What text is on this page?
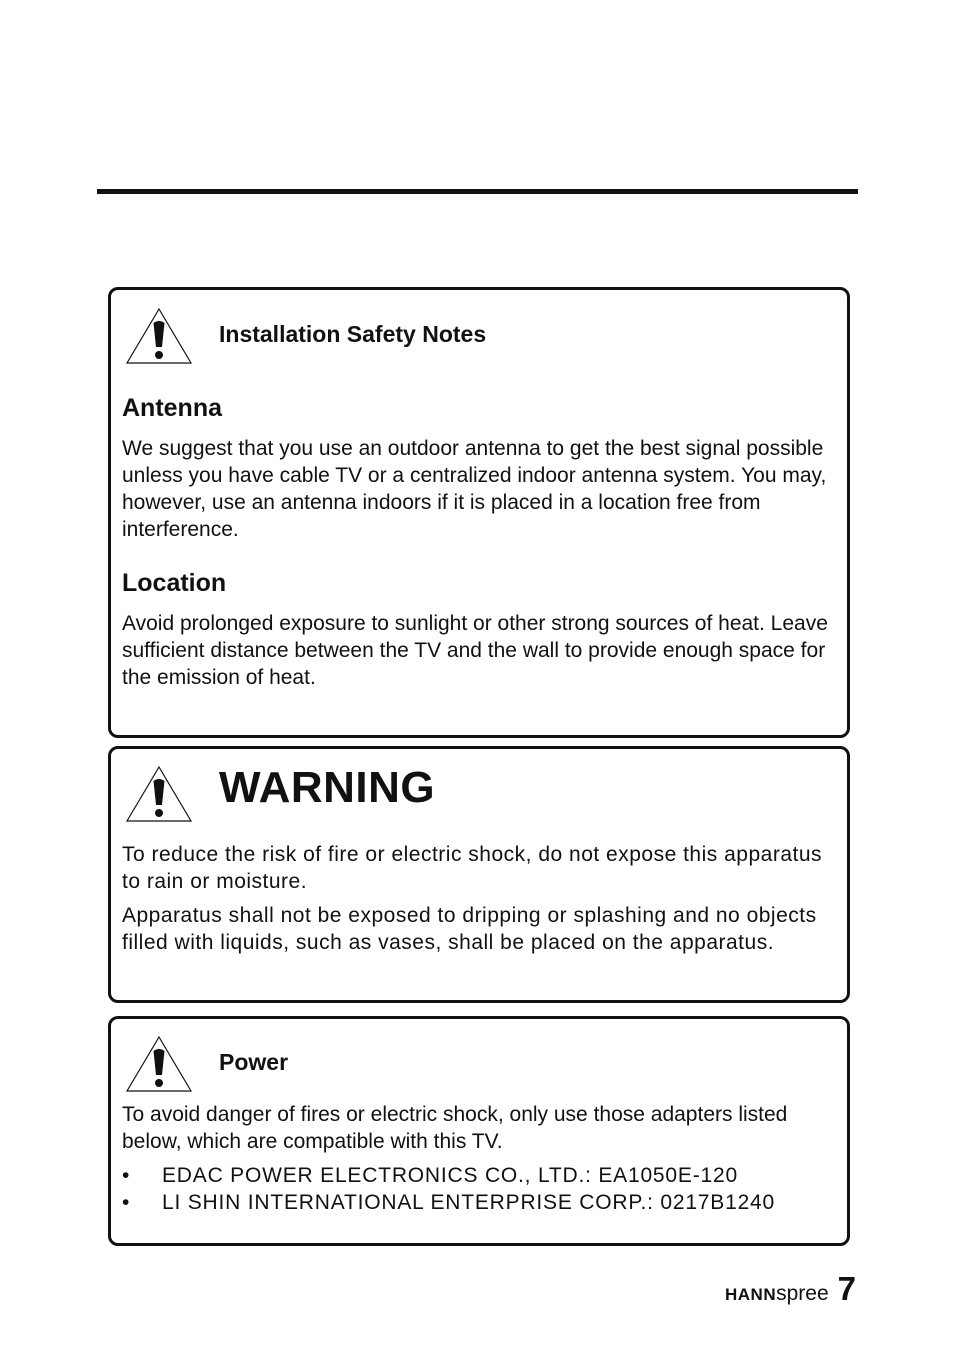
Installation Safety Notes
Antenna

We suggest that you use an outdoor antenna to get the best signal possible unless you have cable TV or a centralized indoor antenna system. You may, however, use an antenna indoors if it is placed in a location free from interference.

Location

Avoid prolonged exposure to sunlight or other strong sources of heat. Leave sufficient distance between the TV and the wall to provide enough space for the emission of heat.

WARNING

To reduce the risk of fire or electric shock, do not expose this apparatus to rain or moisture.

Apparatus shall not be exposed to dripping or splashing and no objects filled with liquids, such as vases, shall be placed on the apparatus.

Power

To avoid danger of fires or electric shock, only use those adapters listed below, which are compatible with this TV.

• EDAC POWER ELECTRONICS CO., LTD.: EA1050E-120
• LI SHIN INTERNATIONAL ENTERPRISE CORP.: 0217B1240
HANN spree 7
